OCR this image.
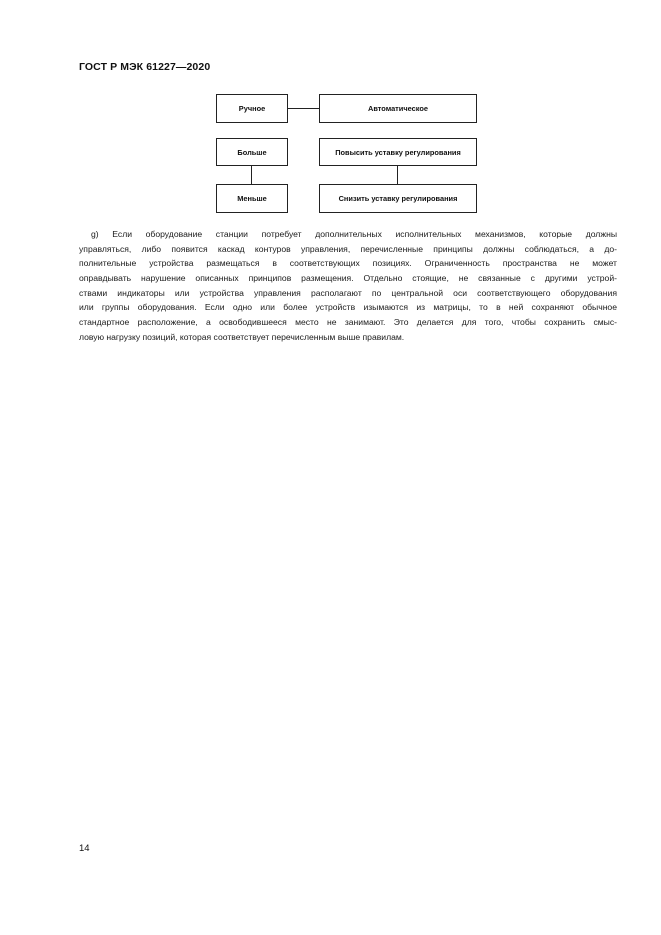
ГОСТ Р МЭК 61227—2020
Ручное	Автоматическое
Больше	Повысить уставку регулирования
Меньше	Снизить уставку регулирования
g) Если оборудование станции потребует дополнительных исполнительных механизмов, которые должны
управляться, либо появится каскад контуров управления, перечисленные принципы должны соблюдаться, а до-
полнительные устройства размещаться в соответствующих позициях. Ограниченность пространства не может
оправдывать нарушение описанных принципов размещения. Отдельно стоящие, не связанные с другими устрой-
ствами индикаторы или устройства управления располагают по центральной оси соответствующего оборудования
или группы оборудования. Если одно или более устройств изымаются из матрицы, то в ней сохраняют обычное
стандартное расположение, а освободившееся место не занимают. Это делается для того, чтобы сохранить смыс-
ловую нагрузку позиций, которая соответствует перечисленным выше правилам.
14
